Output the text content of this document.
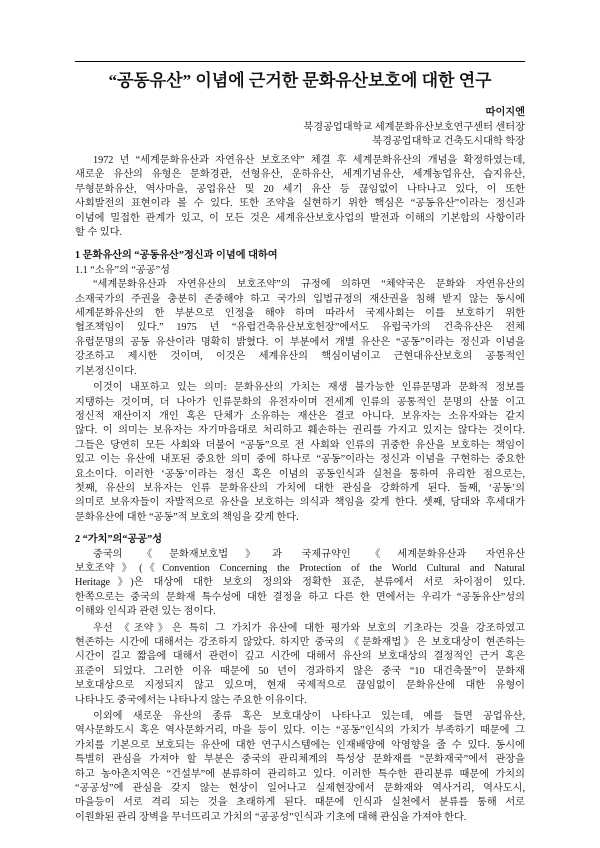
“공동유산” 이념에 근거한 문화유산보호에 대한 연구
따이지엔
북경공업대학교 세계문화유산보호연구센터 센터장
북경공업대학교 건축도시대학 학장
1972 년 “세계문화유산과 자연유산 보호조약” 체결 후 세계문화유산의 개념을 확정하였는데,
새로운 유산의 유형은 문화경관, 선형유산, 운하유산, 세계기념유산, 세계농업유산, 습지유산,
무형문화유산, 역사마을, 공업유산 및 20 세기 유산 등 끊임없이 나타나고 있다, 이 또한
사회발전의 표현이라 볼 수 있다. 또한 조약을 실현하기 위한 핵심은 “공동유산”이라는 정신과
이념에 밀접한 관계가 있고, 이 모든 것은 세계유산보호사업의 발전과 이해의 기본합의 사항이라
할 수 있다.
1 문화유산의 “공동유산”정신과 이념에 대하여
1.1 “소유”의 “공공”성
“세계문화유산과 자연유산의 보호조약”의 규정에 의하면 “체약국은 문화와 자연유산의
소재국가의 주권을 충분히 존중해야 하고 국가의 입법규정의 재산권을 침해 받지 않는 동시에
세계문화유산의 한 부분으로 인정을 해야 하며 따라서 국제사회는 이를 보호하기 위한
협조책임이 있다.” 1975 년 “유럽건축유산보호헌장”에서도 유럽국가의 건축유산은 전체
유럽문명의 공동 유산이라 명확히 밝혔다. 이 부분에서 개별 유산은 “공동”이라는 정신과 이념을
강조하고 제시한 것이며, 이것은 세계유산의 핵심이념이고 근현대유산보호의 공통적인
기본정신이다.
이것이 내포하고 있는 의미: 문화유산의 가치는 재생 불가능한 인류문명과 문화적 정보를
지탱하는 것이며, 더 나아가 인류문화의 유전자이며 전세계 인류의 공통적인 문명의 산물 이고
정신적 재산이지 개인 혹은 단체가 소유하는 재산은 결코 아니다. 보유자는 소유자와는 같지
않다. 이 의미는 보유자는 자기마음대로 처리하고 훼손하는 권리를 가지고 있지는 않다는 것이다.
그들은 당연히 모든 사회와 더불어 “공동”으로 전 사회와 인류의 귀중한 유산을 보호하는 책임이
있고 이는 유산에 내포된 중요한 의미 중에 하나로 “공동”이라는 정신과 이념을 구현하는 중요한
요소이다. 이러한 ‘공동’이라는 정신 혹은 이념의 공동인식과 실천을 통하여 유리한 점으로는,
첫째, 유산의 보유자는 인류 문화유산의 가치에 대한 관심을 강화하게 된다. 둘째, ‘공동’의
의미로 보유자들이 자발적으로 유산을 보호하는 의식과 책임을 갖게 한다. 셋째, 당대와 후세대가
문화유산에 대한 “공동”적 보호의 책임을 갖게 한다.
2 “가치”의“공공”성
중국의 《문화재보호법》과 국제규약인 《세계문화유산과 자연유산
보호조약》(《Convention Concerning the Protection of the World Cultural and Natural
Heritage》)은 대상에 대한 보호의 정의와 정확한 표준, 분류에서 서로 차이점이 있다.
한쪽으로는 중국의 문화재 특수성에 대한 결정을 하고 다른 한 면에서는 우리가 “공동유산”성의
이해와 인식과 관련 있는 점이다.
우선 《조약》은 특히 그 가치가 유산에 대한 평가와 보호의 기초라는 것을 강조하였고
현존하는 시간에 대해서는 강조하지 않았다. 하지만 중국의 《문화재법》은 보호대상이 현존하는
시간이 길고 짧음에 대해서 관련이 깊고 시간에 대해서 유산의 보호대상의 결정적인 근거 혹은
표준이 되었다. 그러한 이유 때문에 50 년이 경과하지 않은 중국 “10 대건축물”이 문화재
보호대상으로 지정되지 않고 있으며, 현재 국제적으로 끊임없이 문화유산에 대한 유형이
나타나도 중국에서는 나타나지 않는 주요한 이유이다.
이외에 새로운 유산의 종류 혹은 보호대상이 나타나고 있는데, 예를 들면 공업유산,
역사문화도시 혹은 역사문화거리, 마을 등이 있다. 이는 “공동”인식의 가치가 부족하기 때문에 그
가치를 기본으로 보호되는 유산에 대한 연구시스템에는 인재배양에 악영향을 줄 수 있다. 동시에
특별히 관심을 가져야 할 부분은 중국의 관리체계의 특성상 문화재를 “문화재국”에서 관장을
하고 농아촌지역은 “건설부”에 분류하여 관리하고 있다. 이러한 특수한 관리분류 때문에 가치의
“공공성”에 관심을 갖지 않는 현상이 일어나고 실제현장에서 문화재와 역사거리, 역사도시,
마을등이 서로 격리 되는 것을 초래하게 된다. 때문에 인식과 실천에서 분류를 통해 서로
이원화된 관리 장벽을 무너뜨리고 가치의 “공공성”인식과 기초에 대해 관심을 가져야 한다.
